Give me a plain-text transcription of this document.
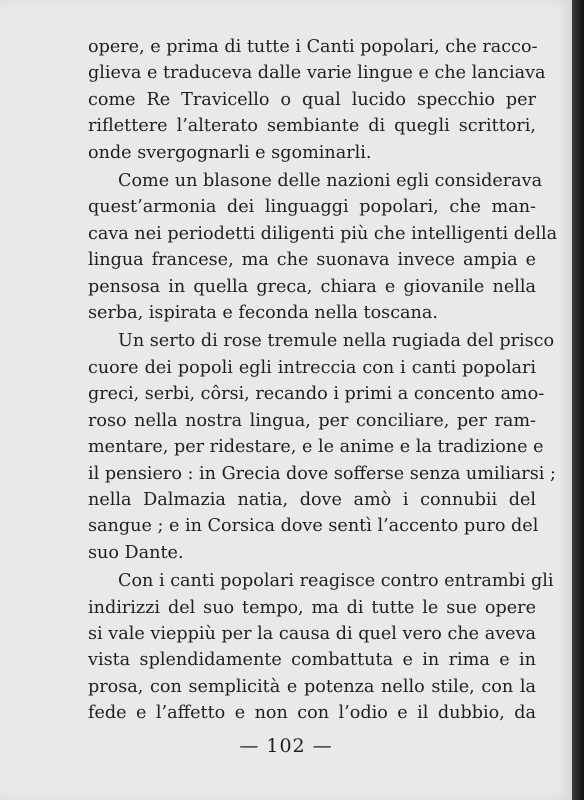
opere, e prima di tutte i Canti popolari, che racco-
glieva e traduceva dalle varie lingue e che lanciava
come Re Travicello o qual lucido specchio per
riflettere l’alterato sembiante di quegli scrittori,
onde svergognarli e sgominarli.

Come un blasone delle nazioni egli considerava
quest’armonia dei linguaggi popolari, che man-
cava nei periodetti diligenti più che intelligenti della
lingua francese, ma che suonava invece ampia e
pensosa in quella greca, chiara e giovanile nella
serba, ispirata e feconda nella toscana.

Un serto di rose tremule nella rugiada del prisco
cuore dei popoli egli intreccia con i canti popolari
greci, serbi, côrsi, recando i primi a concento amo-
roso nella nostra lingua, per conciliare, per ram-
mentare, per ridestare, e le anime e la tradizione e
il pensiero : in Grecia dove sofferse senza umiliarsi ;
nella Dalmazia natia, dove amò i connubii del
sangue ; e in Corsica dove sentì l’accento puro del
suo Dante.

Con i canti popolari reagisce contro entrambi gli
indirizzi del suo tempo, ma di tutte le sue opere
si vale vieppiù per la causa di quel vero che aveva
vista splendidamente combattuta e in rima e in
prosa, con semplicità e potenza nello stile, con la
fede e l’affetto e non con l’odio e il dubbio, da

— 102 —
